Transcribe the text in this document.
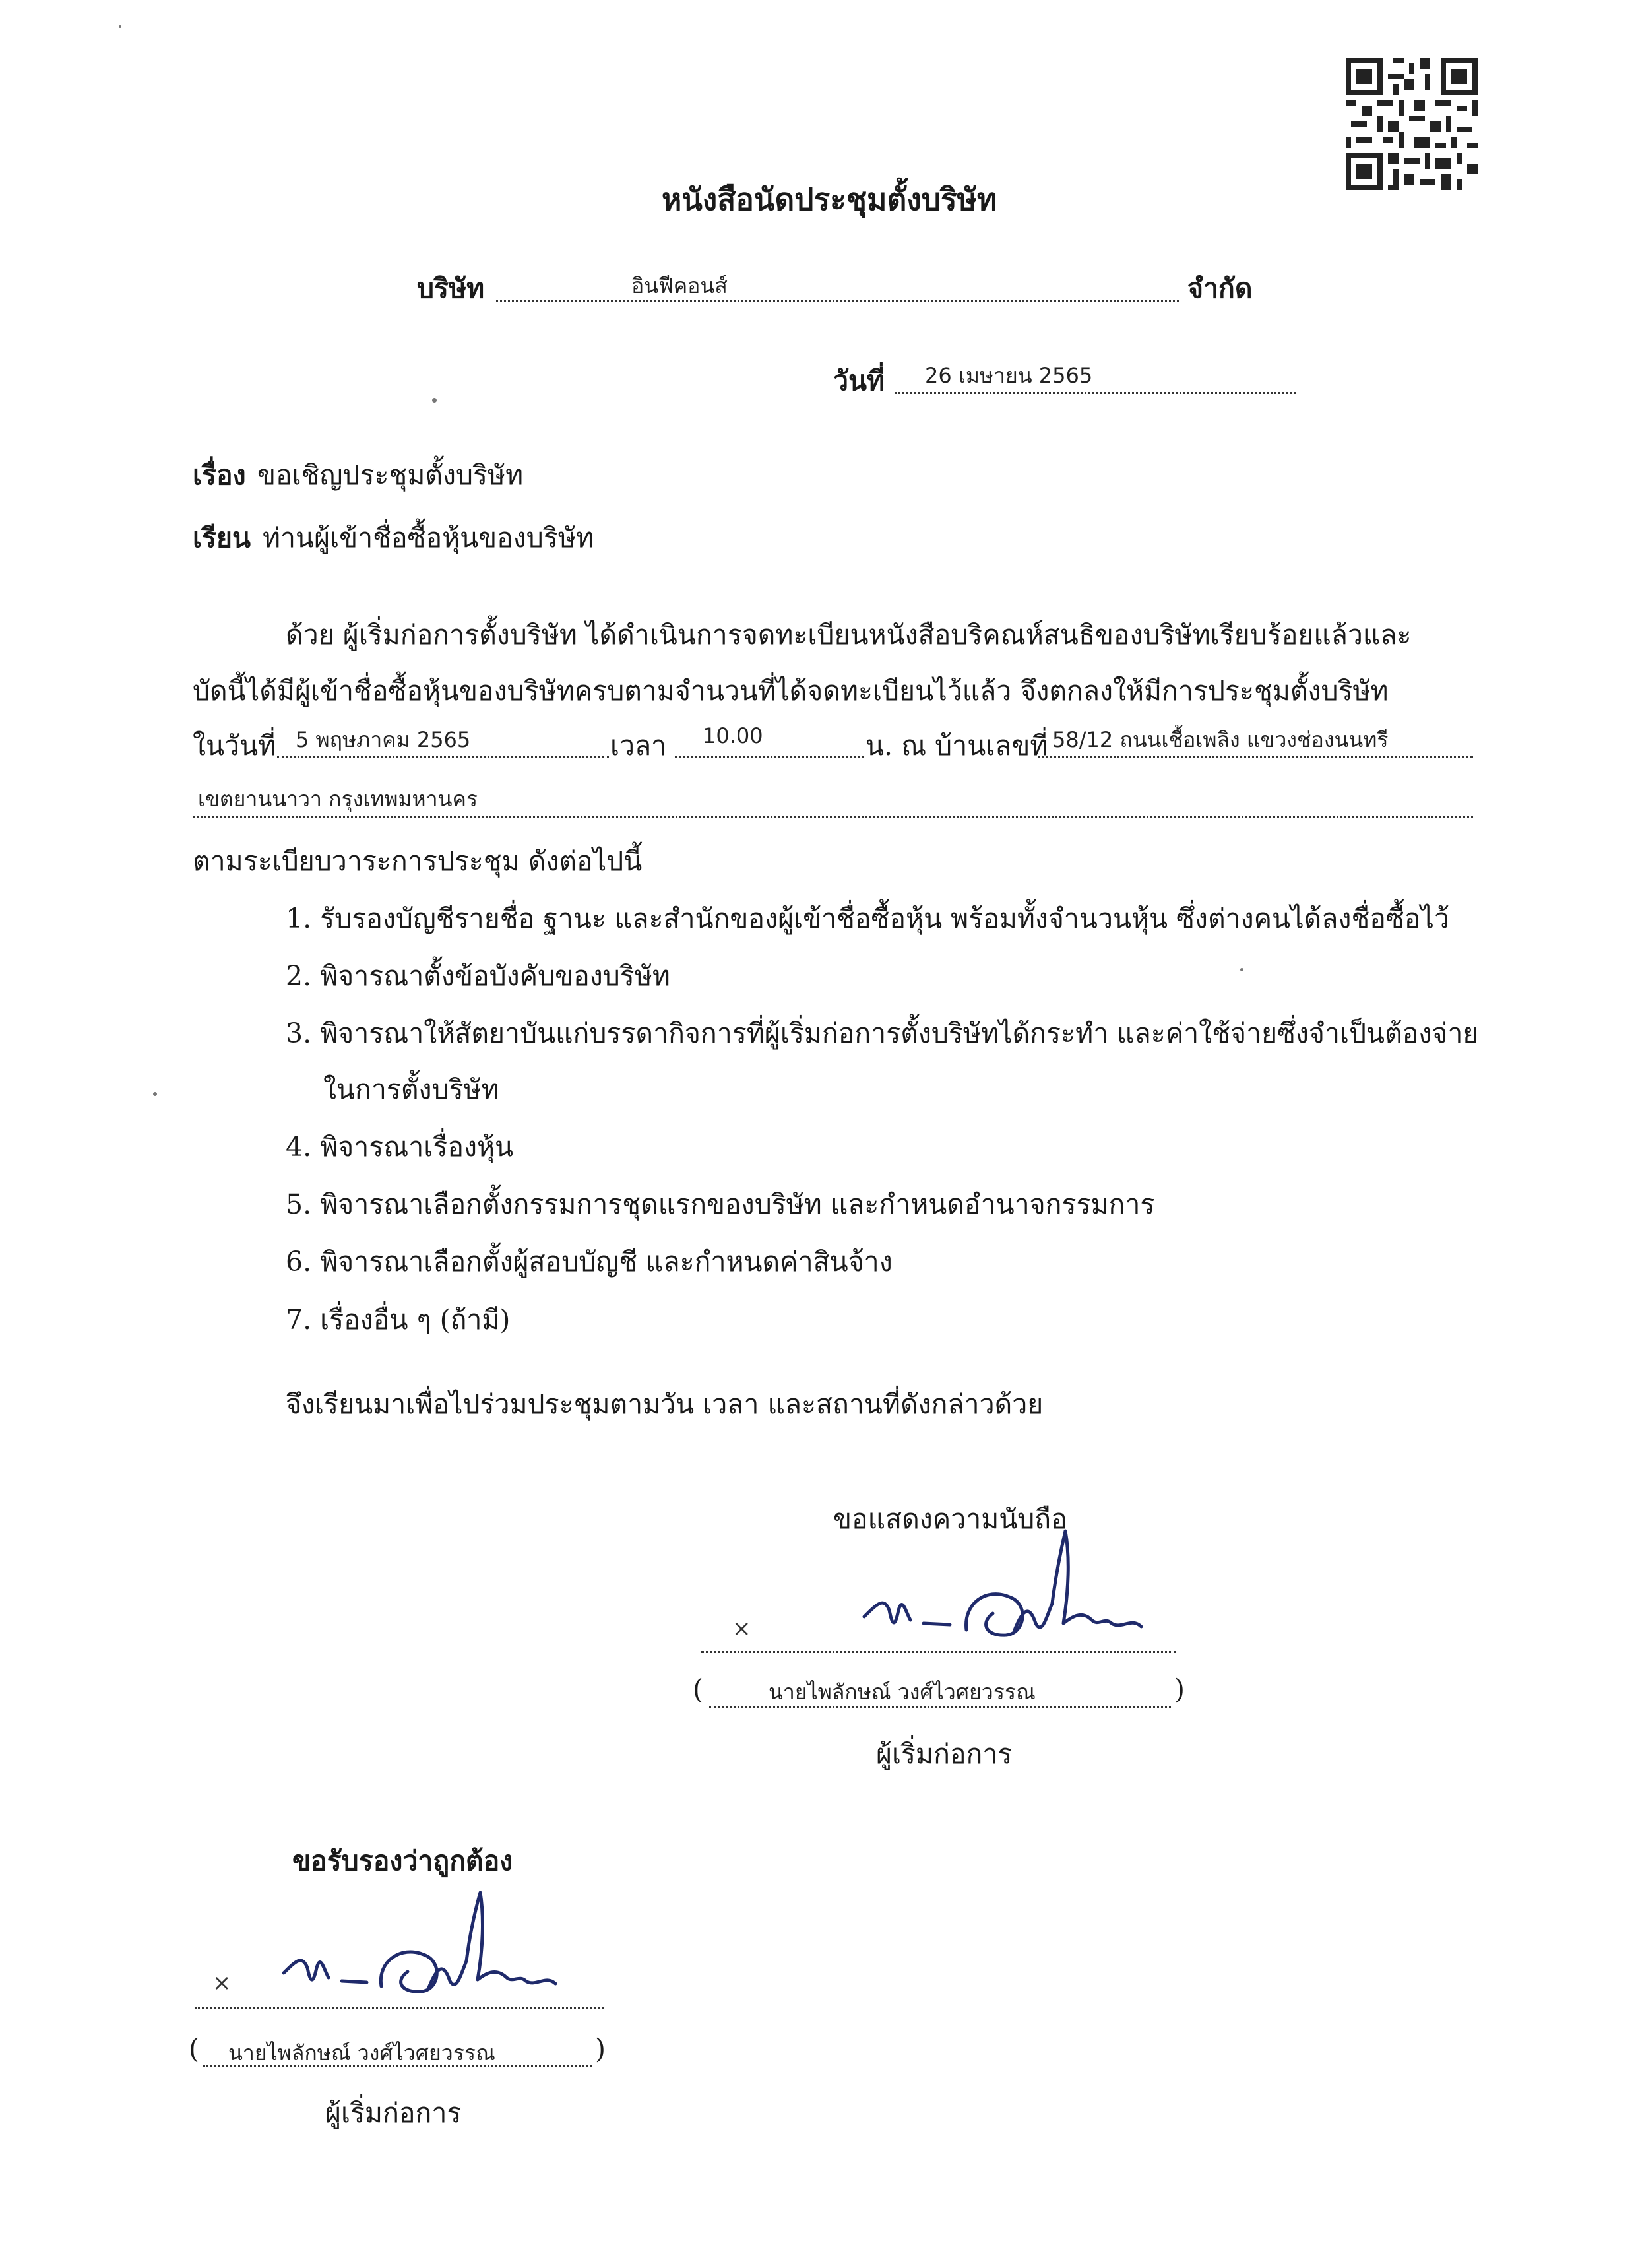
หนังสือนัดประชุมตั้งบริษัท
บริษัท	อินฟีคอนส์	จำกัด
วันที่ 26 เมษายน 2565
เรื่อง ขอเชิญประชุมตั้งบริษัท
เรียน ท่านผู้เข้าชื่อซื้อหุ้นของบริษัท
ด้วย ผู้เริ่มก่อการตั้งบริษัท ได้ดำเนินการจดทะเบียนหนังสือบริคณห์สนธิของบริษัทเรียบร้อยแล้วและ
บัดนี้ได้มีผู้เข้าชื่อซื้อหุ้นของบริษัทครบตามจำนวนที่ได้จดทะเบียนไว้แล้ว จึงตกลงให้มีการประชุมตั้งบริษัท
ในวันที่ 5 พฤษภาคม 2565	เวลา 10.00	น. ณ บ้านเลขที่ 58/12 ถนนเชื้อเพลิง แขวงช่องนนทรี
เขตยานนาวา กรุงเทพมหานคร
ตามระเบียบวาระการประชุม ดังต่อไปนี้
1. รับรองบัญชีรายชื่อ ฐานะ และสำนักของผู้เข้าชื่อซื้อหุ้น พร้อมทั้งจำนวนหุ้น ซึ่งต่างคนได้ลงชื่อซื้อไว้
2. พิจารณาตั้งข้อบังคับของบริษัท
3. พิจารณาให้สัตยาบันแก่บรรดากิจการที่ผู้เริ่มก่อการตั้งบริษัทได้กระทำ และค่าใช้จ่ายซึ่งจำเป็นต้องจ่าย
ในการตั้งบริษัท
4. พิจารณาเรื่องหุ้น
5. พิจารณาเลือกตั้งกรรมการชุดแรกของบริษัท และกำหนดอำนาจกรรมการ
6. พิจารณาเลือกตั้งผู้สอบบัญชี และกำหนดค่าสินจ้าง
7. เรื่องอื่น ๆ (ถ้ามี)
จึงเรียนมาเพื่อไปร่วมประชุมตามวัน เวลา และสถานที่ดังกล่าวด้วย
ขอแสดงความนับถือ
×
(	นายไพลักษณ์ วงศ์ไวศยวรรณ	)
ผู้เริ่มก่อการ
ขอรับรองว่าถูกต้อง
×
( นายไพลักษณ์ วงศ์ไวศยวรรณ	)
ผู้เริ่มก่อการ
